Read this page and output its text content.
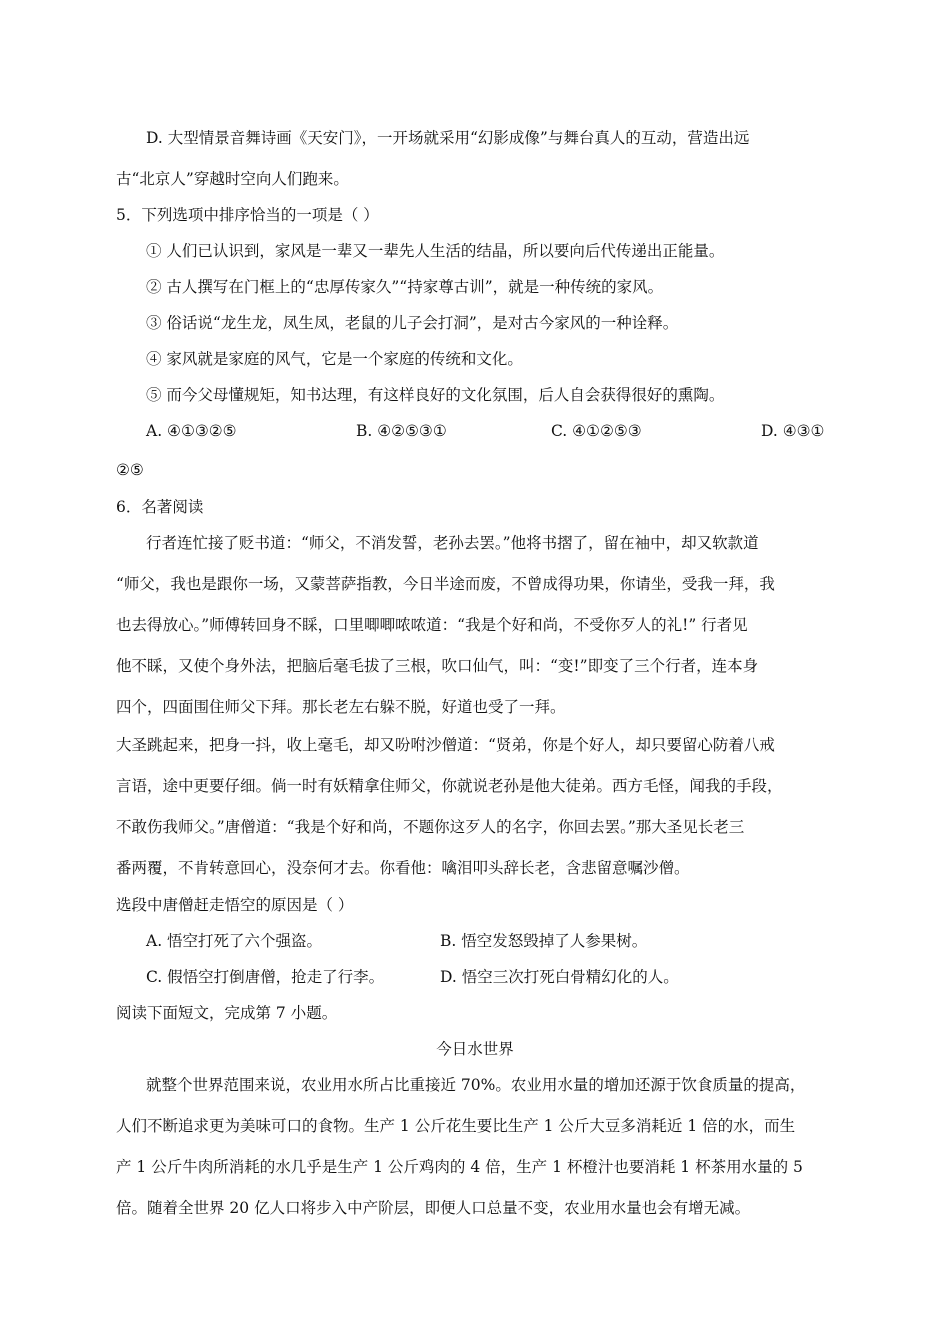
D. 大型情景音舞诗画《天安门》，一开场就采用“幻影成像”与舞台真人的互动，营造出远
古“北京人”穿越时空向人们跑来。
5．下列选项中排序恰当的一项是（ ）
① 人们已认识到，家风是一辈又一辈先人生活的结晶，所以要向后代传递出正能量。
② 古人撰写在门框上的“忠厚传家久”“持家尊古训”，就是一种传统的家风。
③ 俗话说“龙生龙，凤生凤，老鼠的儿子会打洞”，是对古今家风的一种诠释。
④ 家风就是家庭的风气，它是一个家庭的传统和文化。
⑤ 而今父母懂规矩，知书达理，有这样良好的文化氛围，后人自会获得很好的熏陶。
A. ④①③②⑤	B. ④②⑤③①	C. ④①②⑤③	D. ④③①
②⑤
6．名著阅读
行者连忙接了贬书道：“师父，不消发誓，老孙去罢。”他将书摺了，留在袖中，却又软款道
“师父，我也是跟你一场，又蒙菩萨指教，今日半途而废，不曾成得功果，你请坐，受我一拜，我
也去得放心。”师傅转回身不睬，口里唧唧哝哝道：“我是个好和尚，不受你歹人的礼!” 行者见
他不睬，又使个身外法，把脑后毫毛拔了三根，吹口仙气，叫：“变!”即变了三个行者，连本身
四个，四面围住师父下拜。那长老左右躲不脱，好道也受了一拜。
大圣跳起来，把身一抖，收上毫毛，却又吩咐沙僧道：“贤弟，你是个好人，却只要留心防着八戒
言语，途中更要仔细。倘一时有妖精拿住师父，你就说老孙是他大徒弟。西方毛怪，闻我的手段，
不敢伤我师父。”唐僧道：“我是个好和尚，不题你这歹人的名字，你回去罢。”那大圣见长老三
番两覆，不肯转意回心，没奈何才去。你看他：噙泪叩头辞长老，含悲留意嘱沙僧。
选段中唐僧赶走悟空的原因是（ ）
A. 悟空打死了六个强盗。	B. 悟空发怒毁掉了人参果树。
C. 假悟空打倒唐僧，抢走了行李。	D. 悟空三次打死白骨精幻化的人。
阅读下面短文，完成第 7 小题。
今日水世界
就整个世界范围来说，农业用水所占比重接近 70%。农业用水量的增加还源于饮食质量的提高，
人们不断追求更为美味可口的食物。生产 1 公斤花生要比生产 1 公斤大豆多消耗近 1 倍的水，而生
产 1 公斤牛肉所消耗的水几乎是生产 1 公斤鸡肉的 4 倍，生产 1 杯橙汁也要消耗 1 杯茶用水量的 5
倍。随着全世界 20 亿人口将步入中产阶层，即便人口总量不变，农业用水量也会有增无减。
